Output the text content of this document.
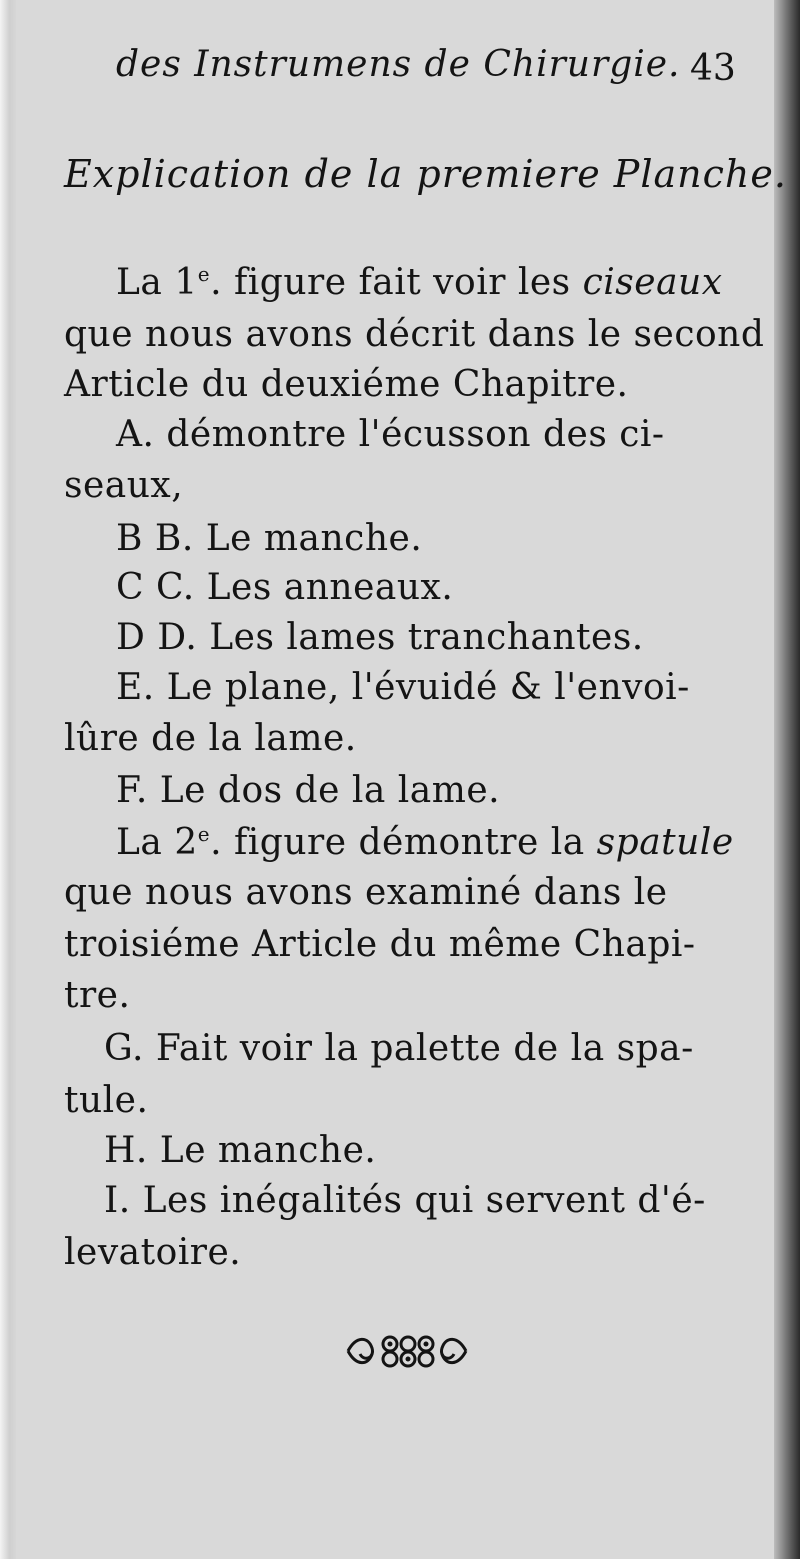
des Instrumens de Chirurgie. 43
Explication de la premiere Planche.
La 1e. figure fait voir les ciseaux
que nous avons décrit dans le second
Article du deuxiéme Chapitre.
A. démontre l'écusson des ci-
seaux,
B B. Le manche.
C C. Les anneaux.
D D. Les lames tranchantes.
E. Le plane, l'évuidé & l'envoi-
lûre de la lame.
F. Le dos de la lame.
La 2e. figure démontre la spatule
que nous avons examiné dans le
troisiéme Article du même Chapi-
tre.
G. Fait voir la palette de la spa-
tule.
H. Le manche.
I. Les inégalités qui servent d'é-
levatoire.
